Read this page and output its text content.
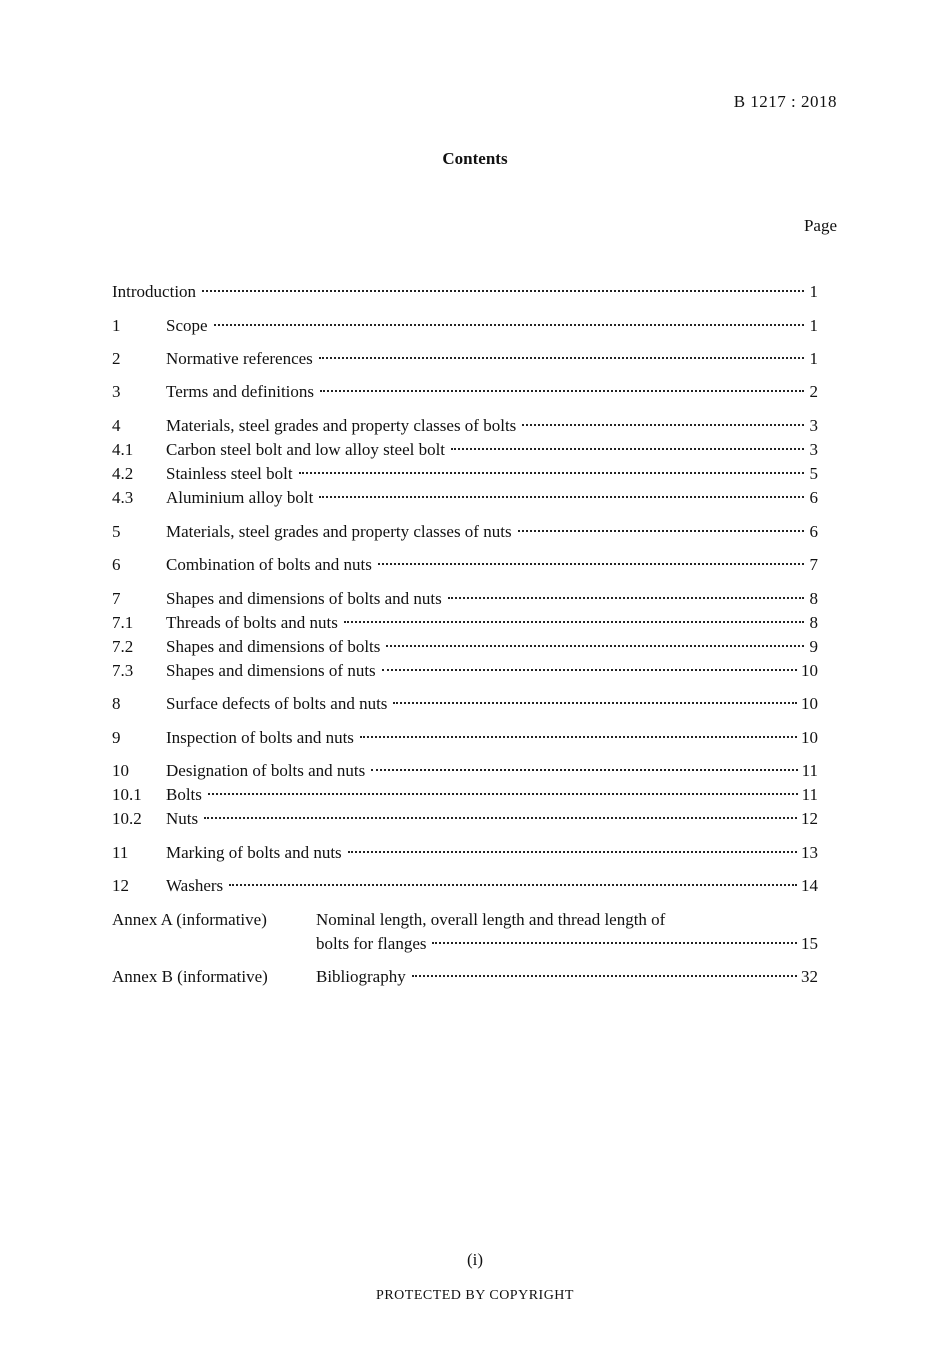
B 1217 : 2018
Contents
Page
Introduction	1
1	Scope	1
2	Normative references	1
3	Terms and definitions	2
4	Materials, steel grades and property classes of bolts	3
4.1	Carbon steel bolt and low alloy steel bolt	3
4.2	Stainless steel bolt	5
4.3	Aluminium alloy bolt	6
5	Materials, steel grades and property classes of nuts	6
6	Combination of bolts and nuts	7
7	Shapes and dimensions of bolts and nuts	8
7.1	Threads of bolts and nuts	8
7.2	Shapes and dimensions of bolts	9
7.3	Shapes and dimensions of nuts	10
8	Surface defects of bolts and nuts	10
9	Inspection of bolts and nuts	10
10	Designation of bolts and nuts	11
10.1	Bolts	11
10.2	Nuts	12
11	Marking of bolts and nuts	13
12	Washers	14
Annex A (informative)	Nominal length, overall length and thread length of
bolts for flanges	15
Annex B (informative)	Bibliography	32
(i)
PROTECTED BY COPYRIGHT
